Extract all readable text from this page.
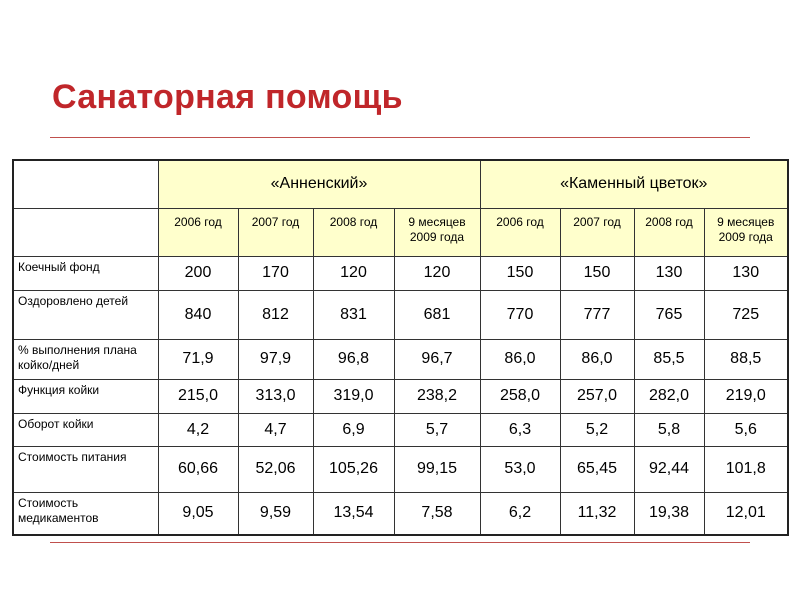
Санаторная помощь
	«Анненский»				«Каменный цветок»			
	2006 год	2007 год	2008 год	9 месяцев 2009 года	2006 год	2007 год	2008 год	9 месяцев 2009 года
Коечный фонд	200	170	120	120	150	150	130	130
Оздоровлено детей	840	812	831	681	770	777	765	725
% выполнения плана койко/дней	71,9	97,9	96,8	96,7	86,0	86,0	85,5	88,5
Функция койки	215,0	313,0	319,0	238,2	258,0	257,0	282,0	219,0
Оборот койки	4,2	4,7	6,9	5,7	6,3	5,2	5,8	5,6
Стоимость питания	60,66	52,06	105,26	99,15	53,0	65,45	92,44	101,8
Стоимость медикаментов	9,05	9,59	13,54	7,58	6,2	11,32	19,38	12,01
